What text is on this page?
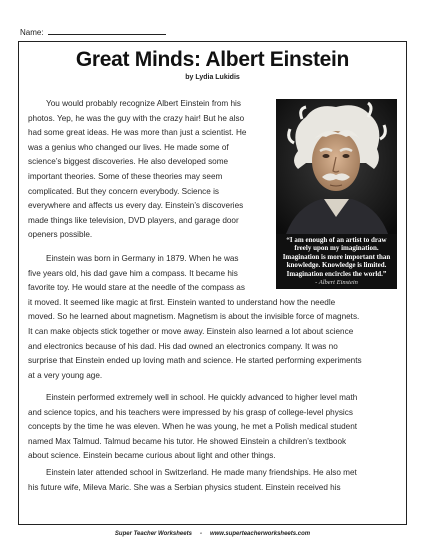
Name:
Great Minds: Albert Einstein
by Lydia Lukidis

You would probably recognize Albert Einstein from his
photos. Yep, he was the guy with the crazy hair! But he also
had some great ideas. He was more than just a scientist. He
was a genius who changed our lives. He made some of
science’s biggest discoveries. He also developed some
important theories. Some of these theories may seem
complicated. But they concern everybody. Science is
everywhere and affects us every day. Einstein’s discoveries
made things like television, DVD players, and garage door
openers possible.

Einstein was born in Germany in 1879. When he was
five years old, his dad gave him a compass. It became his
favorite toy. He would stare at the needle of the compass as
it moved. It seemed like magic at first. Einstein wanted to understand how the needle
moved. So he learned about magnetism. Magnetism is about the invisible force of magnets.
It can make objects stick together or move away. Einstein also learned a lot about science
and electronics because of his dad. His dad owned an electronics company. It was no
surprise that Einstein ended up loving math and science. He started performing experiments
at a very young age.

Einstein performed extremely well in school. He quickly advanced to higher level math
and science topics, and his teachers were impressed by his grasp of college-level physics
concepts by the time he was eleven. When he was young, he met a Polish medical student
named Max Talmud. Talmud became his tutor. He showed Einstein a children’s textbook
about science. Einstein became curious about light and other things.

Einstein later attended school in Switzerland. He made many friendships. He also met
his future wife, Mileva Maric. She was a Serbian physics student. Einstein received his

“I am enough of an artist to draw
freely upon my imagination.
Imagination is more important than
knowledge. Knowledge is limited.
Imagination encircles the world.”
- Albert Einstein
Super Teacher Worksheets - www.superteacherworksheets.com
